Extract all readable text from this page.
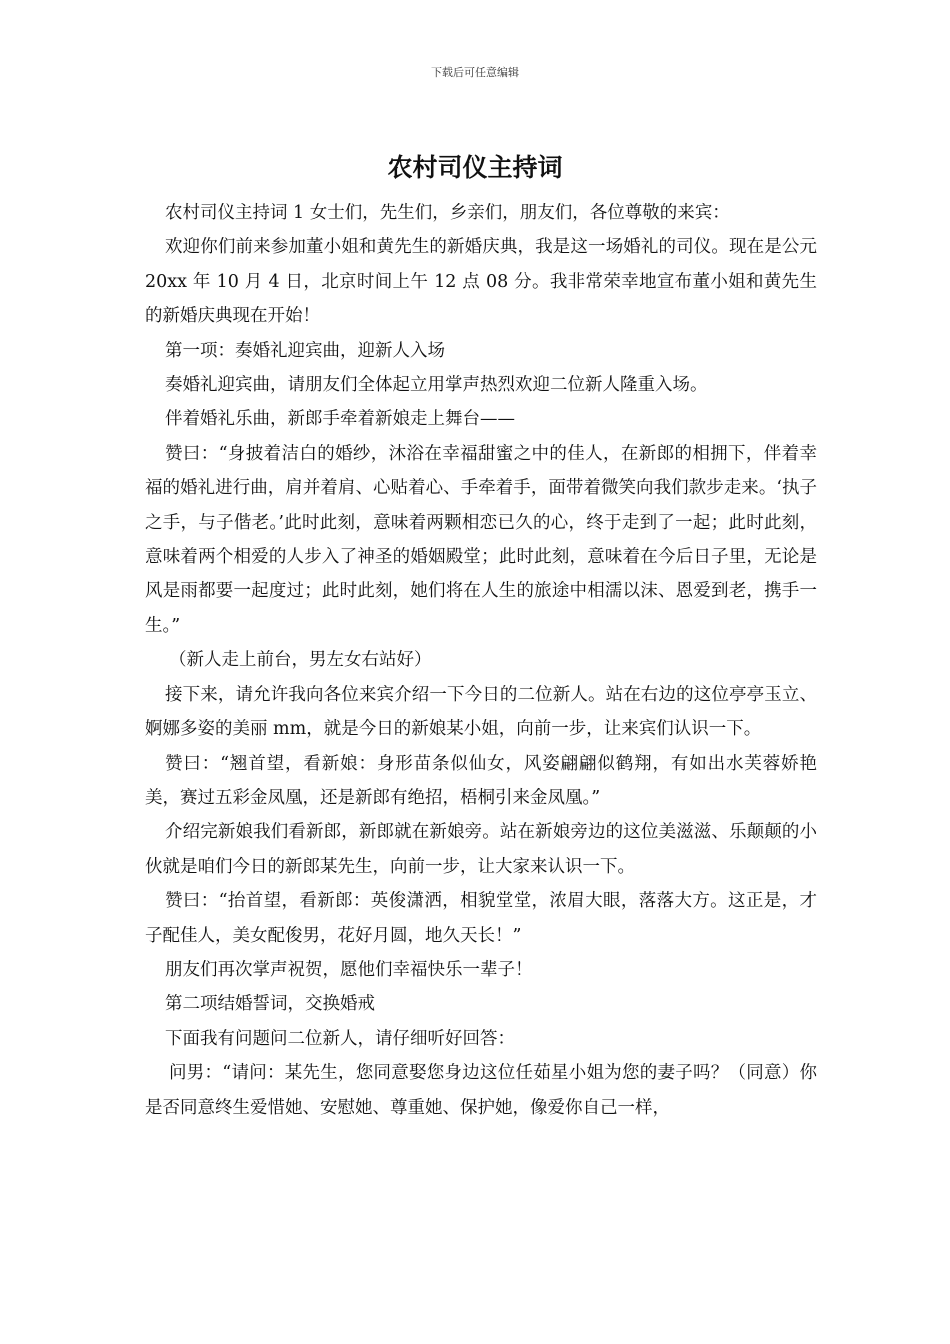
下载后可任意编辑
农村司仪主持词

农村司仪主持词 1 女士们，先生们，乡亲们，朋友们，各位尊敬的来宾：

欢迎你们前来参加董小姐和黄先生的新婚庆典，我是这一场婚礼的司仪。现在是公元 20xx 年 10 月 4 日，北京时间上午 12 点 08 分。我非常荣幸地宣布董小姐和黄先生的新婚庆典现在开始！

第一项：奏婚礼迎宾曲，迎新人入场

奏婚礼迎宾曲，请朋友们全体起立用掌声热烈欢迎二位新人隆重入场。

伴着婚礼乐曲，新郎手牵着新娘走上舞台——

赞曰：“身披着洁白的婚纱，沐浴在幸福甜蜜之中的佳人，在新郎的相拥下，伴着幸福的婚礼进行曲，肩并着肩、心贴着心、手牵着手，面带着微笑向我们款步走来。‘执子之手，与子偕老。’此时此刻，意味着两颗相恋已久的心，终于走到了一起；此时此刻，意味着两个相爱的人步入了神圣的婚姻殿堂；此时此刻，意味着在今后日子里，无论是风是雨都要一起度过；此时此刻，她们将在人生的旅途中相濡以沫、恩爱到老，携手一生。”

（新人走上前台，男左女右站好）

接下来，请允许我向各位来宾介绍一下今日的二位新人。站在右边的这位亭亭玉立、婀娜多姿的美丽 mm，就是今日的新娘某小姐，向前一步，让来宾们认识一下。

赞曰：“翘首望，看新娘：身形苗条似仙女，风姿翩翩似鹤翔，有如出水芙蓉娇艳美，赛过五彩金凤凰，还是新郎有绝招，梧桐引来金凤凰。”

介绍完新娘我们看新郎，新郎就在新娘旁。站在新娘旁边的这位美滋滋、乐颠颠的小伙就是咱们今日的新郎某先生，向前一步，让大家来认识一下。

赞曰：“抬首望，看新郎：英俊潇洒，相貌堂堂，浓眉大眼，落落大方。这正是，才子配佳人，美女配俊男，花好月圆，地久天长！”

朋友们再次掌声祝贺，愿他们幸福快乐一辈子！

第二项结婚誓词，交换婚戒

下面我有问题问二位新人，请仔细听好回答：

问男：“请问：某先生，您同意娶您身边这位任茹星小姐为您的妻子吗？（同意）你是否同意终生爱惜她、安慰她、尊重她、保护她，像爱你自己一样，
